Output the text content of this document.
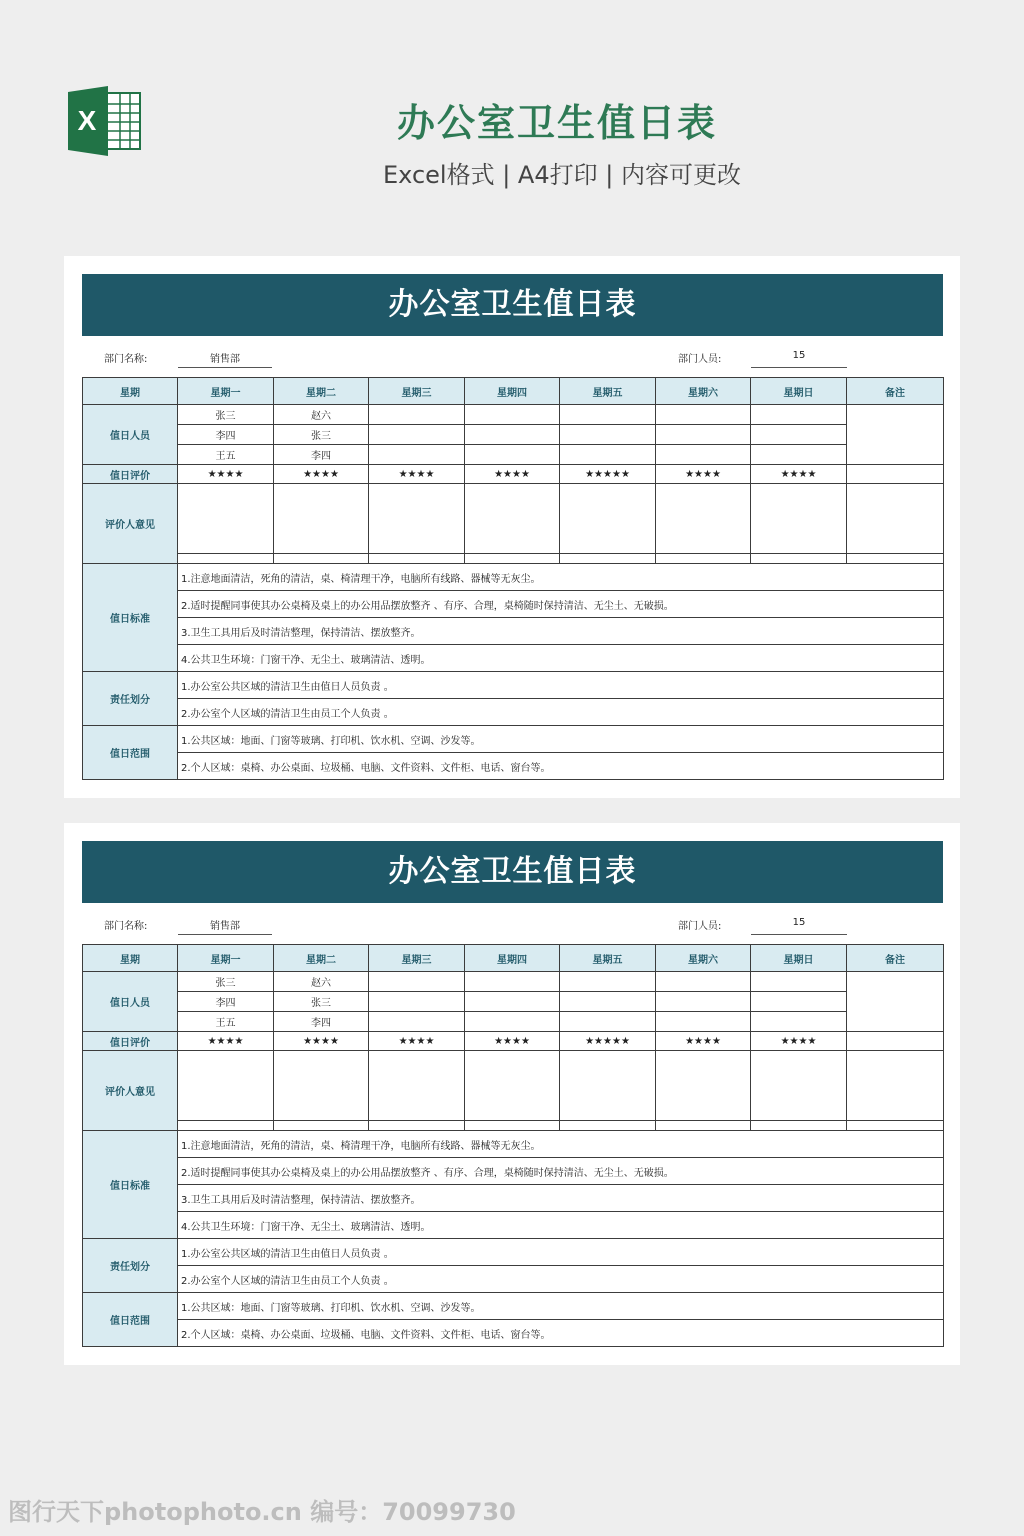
X	办公室卫生值日表
Excel格式 | A4打印 | 内容可更改
办公室卫生值日表
部门名称:	销售部	部门人员:	15
星期	星期一	星期二	星期三	星期四	星期五	星期六	星期日	备注
值日人员	张三	赵六						
	李四	张三						
	王五	李四						
值日评价	★★★★	★★★★	★★★★	★★★★	★★★★★	★★★★	★★★★	
评价人意见								

值日标准	1.注意地面清洁，死角的清洁，桌、椅清理干净，电脑所有线路、器械等无灰尘。							
	2.适时提醒同事使其办公桌椅及桌上的办公用品摆放整齐 、有序、合理，桌椅随时保持清洁、无尘土、无破损。							
	3.卫生工具用后及时清洁整理，保持清洁、摆放整齐。							
	4.公共卫生环境：门窗干净、无尘土、玻璃清洁、透明。							
责任划分	1.办公室公共区域的清洁卫生由值日人员负责 。							
	2.办公室个人区域的清洁卫生由员工个人负责 。							
值日范围	1.公共区域：地面、门窗等玻璃、打印机、饮水机、空调、沙发等。							
	2.个人区域：桌椅、办公桌面、垃圾桶、电脑、文件资料、文件柜、电话、窗台等。							
办公室卫生值日表
部门名称:	销售部	部门人员:	15
星期	星期一	星期二	星期三	星期四	星期五	星期六	星期日	备注
值日人员	张三	赵六						
	李四	张三						
	王五	李四						
值日评价	★★★★	★★★★	★★★★	★★★★	★★★★★	★★★★	★★★★	
评价人意见								

值日标准	1.注意地面清洁，死角的清洁，桌、椅清理干净，电脑所有线路、器械等无灰尘。							
	2.适时提醒同事使其办公桌椅及桌上的办公用品摆放整齐 、有序、合理，桌椅随时保持清洁、无尘土、无破损。							
	3.卫生工具用后及时清洁整理，保持清洁、摆放整齐。							
	4.公共卫生环境：门窗干净、无尘土、玻璃清洁、透明。							
责任划分	1.办公室公共区域的清洁卫生由值日人员负责 。							
	2.办公室个人区域的清洁卫生由员工个人负责 。							
值日范围	1.公共区域：地面、门窗等玻璃、打印机、饮水机、空调、沙发等。							
	2.个人区域：桌椅、办公桌面、垃圾桶、电脑、文件资料、文件柜、电话、窗台等。							
图行天下photophoto.cn 编号：70099730
